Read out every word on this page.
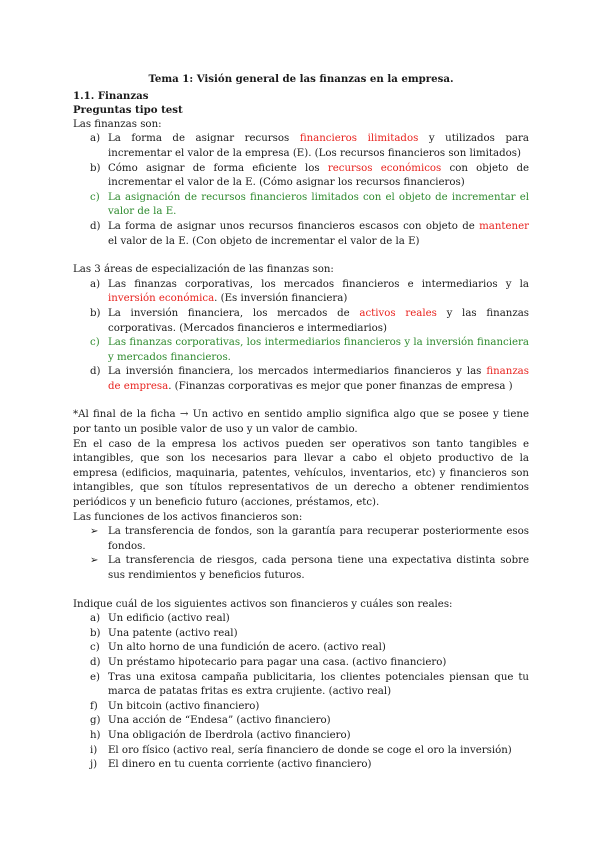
Tema 1: Visión general de las finanzas en la empresa.

1.1. Finanzas

Preguntas tipo test

Las finanzas son:

a) La forma de asignar recursos financieros ilimitados y utilizados para incrementar el valor de la empresa (E). (Los recursos financieros son limitados)
b) Cómo asignar de forma eficiente los recursos económicos con objeto de incrementar el valor de la E. (Cómo asignar los recursos financieros)
c) La asignación de recursos financieros limitados con el objeto de incrementar el valor de la E.
d) La forma de asignar unos recursos financieros escasos con objeto de mantener el valor de la E. (Con objeto de incrementar el valor de la E)

Las 3 áreas de especialización de las finanzas son:

a) Las finanzas corporativas, los mercados financieros e intermediarios y la inversión económica. (Es inversión financiera)
b) La inversión financiera, los mercados de activos reales y las finanzas corporativas. (Mercados financieros e intermediarios)
c) Las finanzas corporativas, los intermediarios financieros y la inversión financiera y mercados financieros.
d) La inversión financiera, los mercados intermediarios financieros y las finanzas de empresa. (Finanzas corporativas es mejor que poner finanzas de empresa )

*Al final de la ficha → Un activo en sentido amplio significa algo que se posee y tiene por tanto un posible valor de uso y un valor de cambio.

En el caso de la empresa los activos pueden ser operativos son tanto tangibles e intangibles, que son los necesarios para llevar a cabo el objeto productivo de la empresa (edificios, maquinaria, patentes, vehículos, inventarios, etc) y financieros son intangibles, que son títulos representativos de un derecho a obtener rendimientos periódicos y un beneficio futuro (acciones, préstamos, etc).

Las funciones de los activos financieros son:

➢ La transferencia de fondos, son la garantía para recuperar posteriormente esos fondos.
➢ La transferencia de riesgos, cada persona tiene una expectativa distinta sobre sus rendimientos y beneficios futuros.

Indique cuál de los siguientes activos son financieros y cuáles son reales:

a) Un edificio (activo real)
b) Una patente (activo real)
c) Un alto horno de una fundición de acero. (activo real)
d) Un préstamo hipotecario para pagar una casa. (activo financiero)
e) Tras una exitosa campaña publicitaria, los clientes potenciales piensan que tu marca de patatas fritas es extra crujiente. (activo real)
f) Un bitcoin (activo financiero)
g) Una acción de “Endesa” (activo financiero)
h) Una obligación de Iberdrola (activo financiero)
i) El oro físico (activo real, sería financiero de donde se coge el oro la inversión)
j) El dinero en tu cuenta corriente (activo financiero)
